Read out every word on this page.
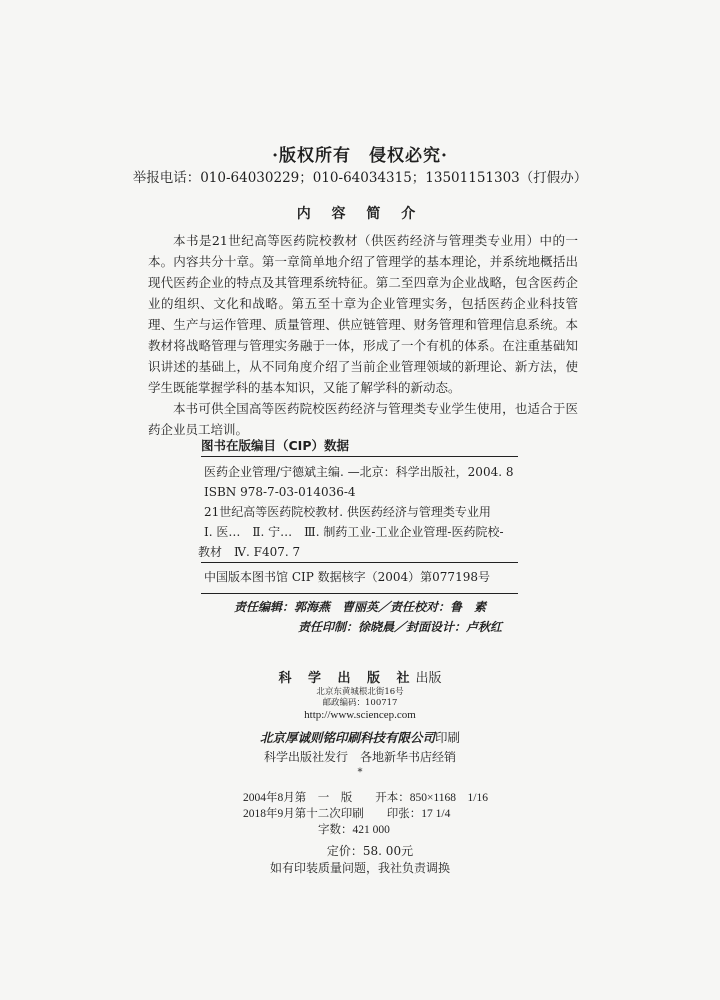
·版权所有　侵权必究·
举报电话：010-64030229；010-64034315；13501151303（打假办）
内 容 简 介

本书是21世纪高等医药院校教材（供医药经济与管理类专业用）中的一本。内容共分十章。第一章简单地介绍了管理学的基本理论，并系统地概括出现代医药企业的特点及其管理系统特征。第二至四章为企业战略，包含医药企业的组织、文化和战略。第五至十章为企业管理实务，包括医药企业科技管理、生产与运作管理、质量管理、供应链管理、财务管理和管理信息系统。本教材将战略管理与管理实务融于一体，形成了一个有机的体系。在注重基础知识讲述的基础上，从不同角度介绍了当前企业管理领域的新理论、新方法，使学生既能掌握学科的基本知识，又能了解学科的新动态。

本书可供全国高等医药院校医药经济与管理类专业学生使用，也适合于医药企业员工培训。

图书在版编目（CIP）数据
医药企业管理/宁德斌主编. —北京：科学出版社，2004. 8
ISBN 978-7-03-014036-4
21世纪高等医药院校教材. 供医药经济与管理类专业用
Ⅰ. 医…　Ⅱ. 宁…　Ⅲ. 制药工业-工业企业管理-医药院校-
教材　Ⅳ. F407. 7
中国版本图书馆 CIP 数据核字（2004）第077198号
责任编辑：郭海燕　曹丽英／责任校对：鲁　素
责任印制：徐晓晨／封面设计：卢秋红
科 学 出 版 社出版
北京东黄城根北街16号
邮政编码：100717
http://www.sciencep.com
北京厚诚则铭印刷科技有限公司印刷
科学出版社发行　各地新华书店经销
*
2004年8月第　一　版　　开本：850×1168　1/16
2018年9月第十二次印刷　　印张：17 1/4
字数：421 000
定价：58. 00元
如有印装质量问题，我社负责调换
